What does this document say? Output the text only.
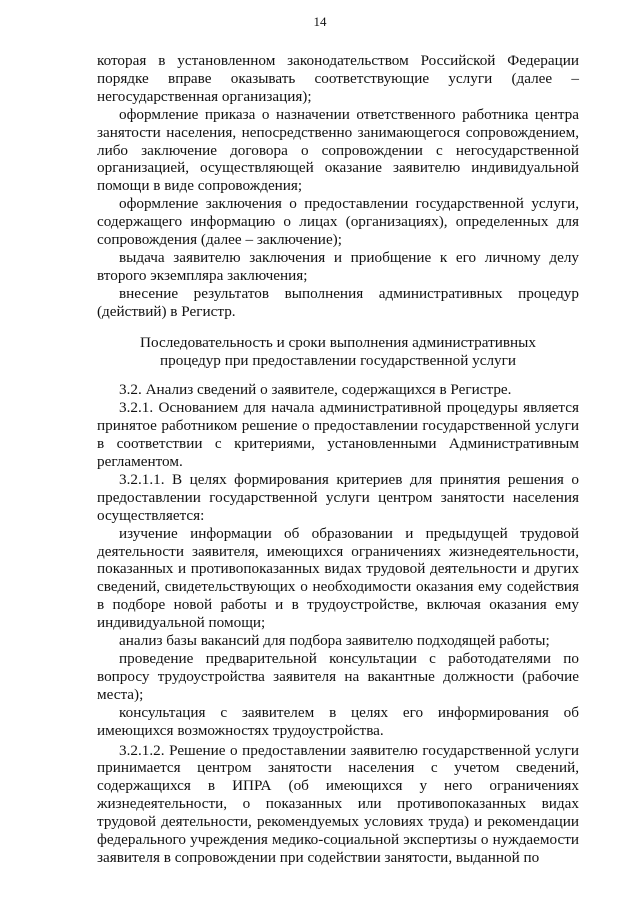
14

которая в установленном законодательством Российской Федерации порядке вправе оказывать соответствующие услуги (далее – негосударственная организация);

оформление приказа о назначении ответственного работника центра занятости населения, непосредственно занимающегося сопровождением, либо заключение договора о сопровождении с негосударственной организацией, осуществляющей оказание заявителю индивидуальной помощи в виде сопровождения;

оформление заключения о предоставлении государственной услуги, содержащего информацию о лицах (организациях), определенных для сопровождения (далее – заключение);

выдача заявителю заключения и приобщение к его личному делу второго экземпляра заключения;

внесение результатов выполнения административных процедур (действий) в Регистр.

Последовательность и сроки выполнения административных
процедур при предоставлении государственной услуги

3.2. Анализ сведений о заявителе, содержащихся в Регистре.

3.2.1. Основанием для начала административной процедуры является принятое работником решение о предоставлении государственной услуги в соответствии с критериями, установленными Административным регламентом.

3.2.1.1. В целях формирования критериев для принятия решения о предоставлении государственной услуги центром занятости населения осуществляется:

изучение информации об образовании и предыдущей трудовой деятельности заявителя, имеющихся ограничениях жизнедеятельности, показанных и противопоказанных видах трудовой деятельности и других сведений, свидетельствующих о необходимости оказания ему содействия в подборе новой работы и в трудоустройстве, включая оказания ему индивидуальной помощи;

анализ базы вакансий для подбора заявителю подходящей работы;

проведение предварительной консультации с работодателями по вопросу трудоустройства заявителя на вакантные должности (рабочие места);

консультация с заявителем в целях его информирования об имеющихся возможностях трудоустройства.

3.2.1.2. Решение о предоставлении заявителю государственной услуги принимается центром занятости населения с учетом сведений, содержащихся в ИПРА (об имеющихся у него ограничениях жизнедеятельности, о показанных или противопоказанных видах трудовой деятельности, рекомендуемых условиях труда) и рекомендации федерального учреждения медико-социальной экспертизы о нуждаемости заявителя в сопровождении при содействии занятости, выданной по
